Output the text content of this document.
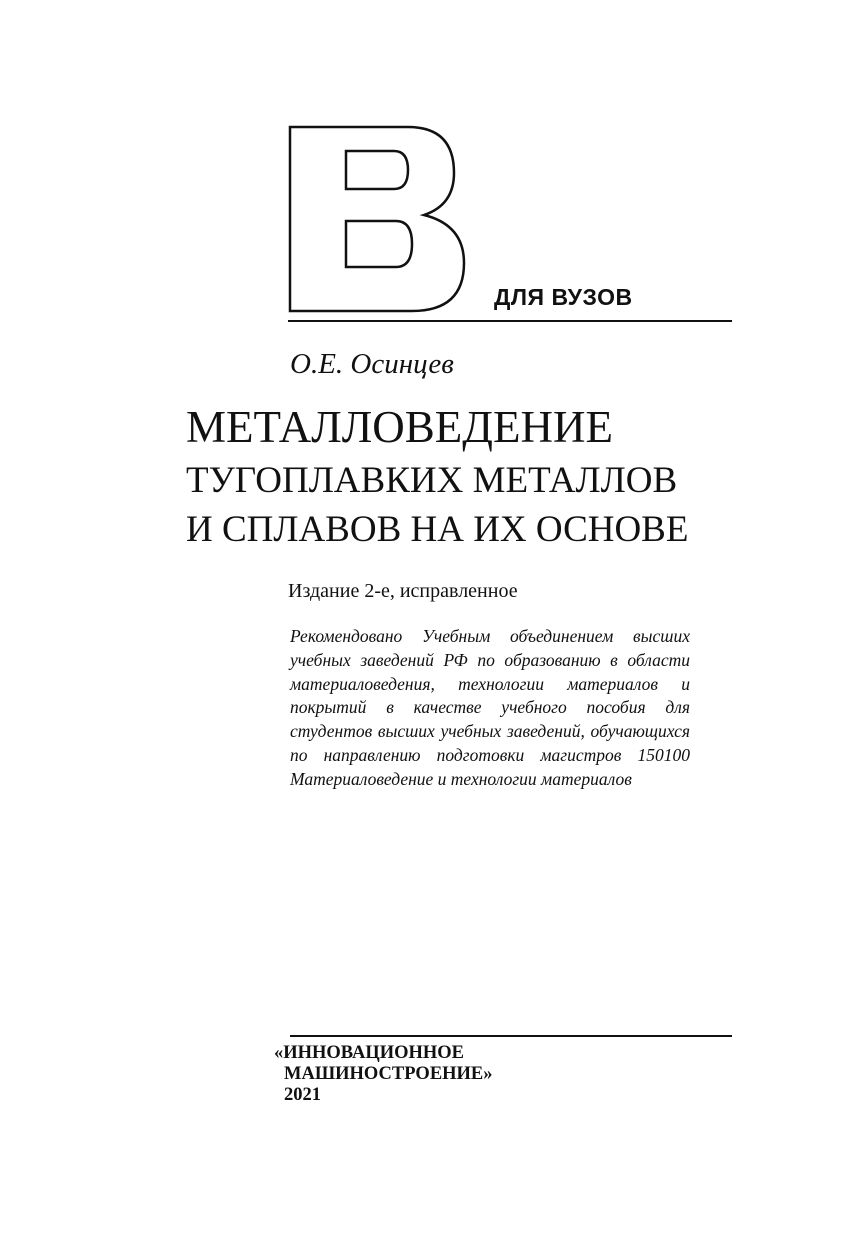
ДЛЯ ВУЗОВ
О.Е. Осинцев
МЕТАЛЛОВЕДЕНИЕ
ТУГОПЛАВКИХ МЕТАЛЛОВ
И СПЛАВОВ НА ИХ ОСНОВЕ
Издание 2-е, исправленное
Рекомендовано Учебным объединением высших учебных заведений РФ по образованию в области материаловедения, технологии материалов и покрытий в качестве учебного пособия для студентов высших учебных заведений, обучающихся по направлению подготовки магистров 150100 Материаловедение и технологии материалов
«ИННОВАЦИОННОЕ
МАШИНОСТРОЕНИЕ»
2021
